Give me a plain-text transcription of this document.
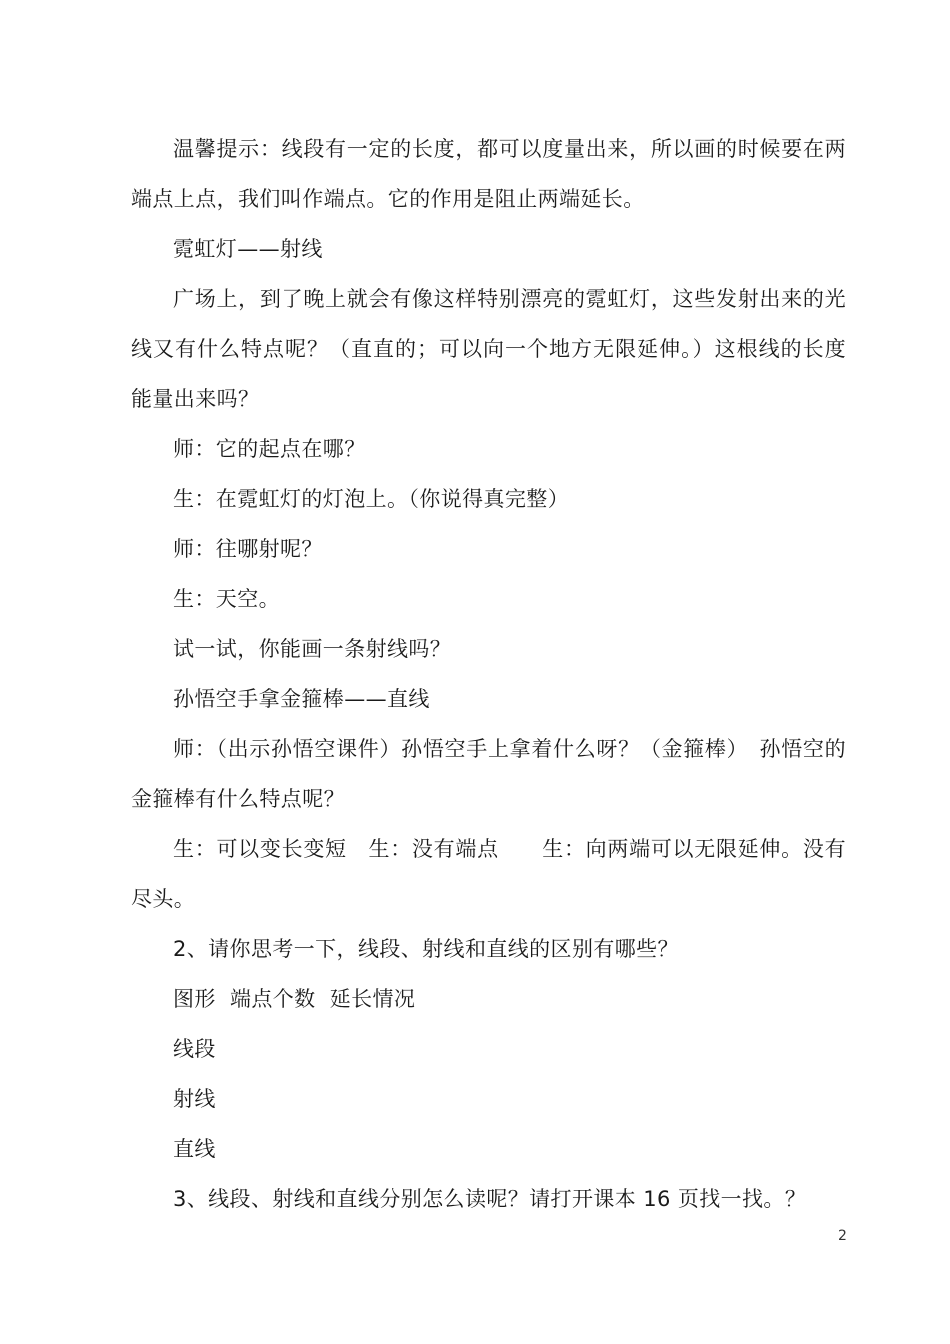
温馨提示：线段有一定的长度，都可以度量出来，所以画的时候要在两端点上点，我们叫作端点。它的作用是阻止两端延长。

霓虹灯——射线

广场上，到了晚上就会有像这样特别漂亮的霓虹灯，这些发射出来的光线又有什么特点呢？（直直的；可以向一个地方无限延伸。）这根线的长度能量出来吗？

师：它的起点在哪？

生：在霓虹灯的灯泡上。（你说得真完整）

师：往哪射呢？

生：天空。

试一试，你能画一条射线吗？

孙悟空手拿金箍棒——直线

师：（出示孙悟空课件）孙悟空手上拿着什么呀？（金箍棒）　孙悟空的金箍棒有什么特点呢？

生：可以变长变短　生：没有端点　　生：向两端可以无限延伸。没有尽头。

2、请你思考一下，线段、射线和直线的区别有哪些？

图形  端点个数  延长情况

线段

射线

直线

3、线段、射线和直线分别怎么读呢？请打开课本 16 页找一找。？

2
